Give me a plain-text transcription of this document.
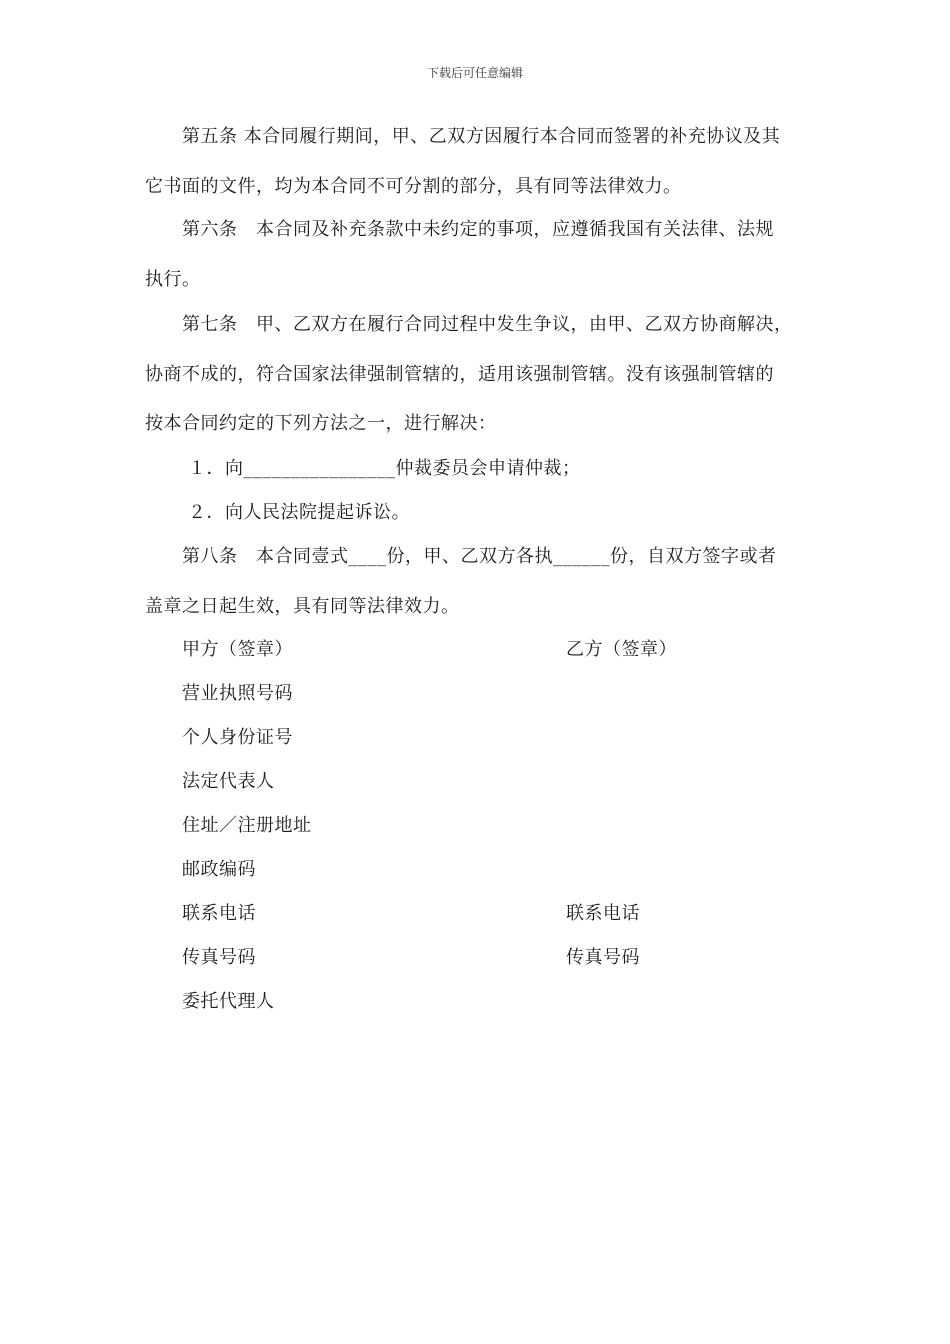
下载后可任意编辑
第五条 本合同履行期间，甲、乙双方因履行本合同而签署的补充协议及其
它书面的文件，均为本合同不可分割的部分，具有同等法律效力。
第六条　本合同及补充条款中未约定的事项，应遵循我国有关法律、法规
执行。
第七条　甲、乙双方在履行合同过程中发生争议，由甲、乙双方协商解决，
协商不成的，符合国家法律强制管辖的，适用该强制管辖。没有该强制管辖的
按本合同约定的下列方法之一，进行解决：
１．向________________仲裁委员会申请仲裁；
２．向人民法院提起诉讼。
第八条　本合同壹式____份，甲、乙双方各执______份，自双方签字或者
盖章之日起生效，具有同等法律效力。
甲方（签章）	乙方（签章）
营业执照号码
个人身份证号
法定代表人
住址／注册地址
邮政编码
联系电话	联系电话
传真号码	传真号码
委托代理人
